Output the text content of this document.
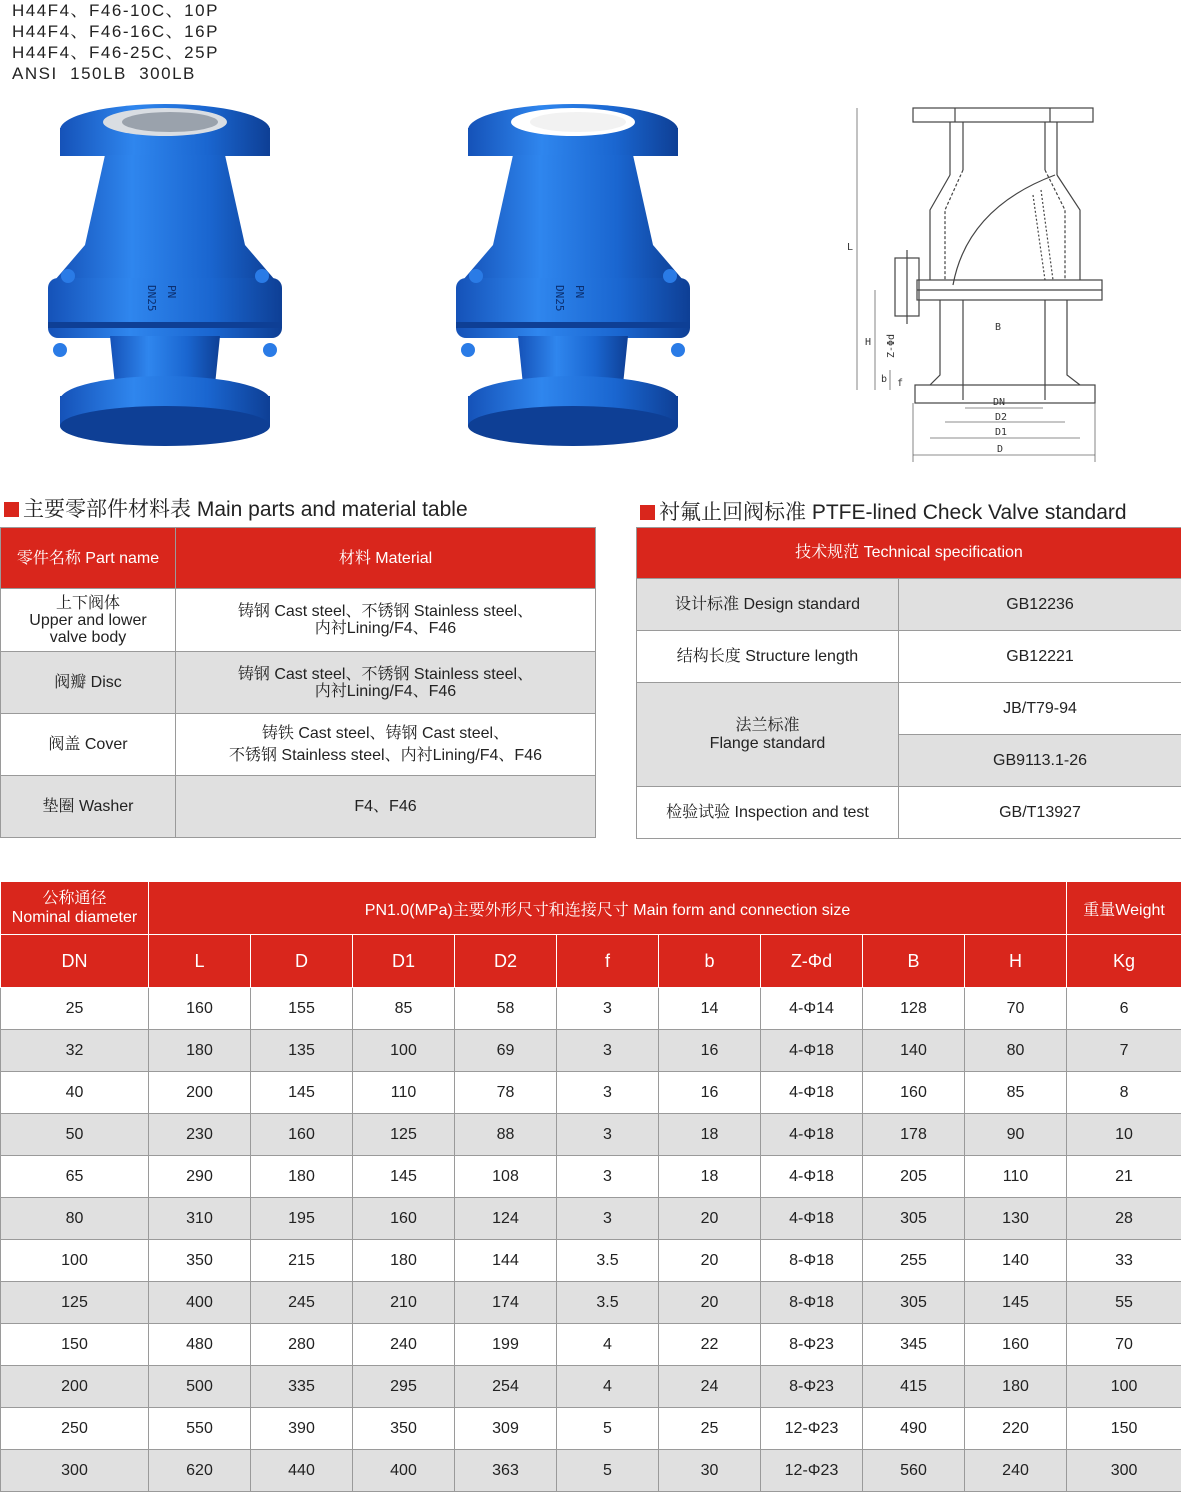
H44F4、F46-10C、10P
H44F4、F46-16C、16P
H44F4、F46-25C、25P
ANSI  150LB  300LB
DN25 PN	DN25 PN
L
H
b f
Z-Φd
B
DN
D2
D1
D
主要零部件材料表 Main parts and material table	衬氟止回阀标准 PTFE-lined Check Valve standard
零件名称 Part name	材料 Material
上下阀体
Upper and lower
valve body	铸钢 Cast steel、不锈钢 Stainless steel、
内衬Lining/F4、F46
阀瓣 Disc	铸钢 Cast steel、不锈钢 Stainless steel、
内衬Lining/F4、F46
阀盖 Cover	铸铁 Cast steel、铸钢 Cast steel、
不锈钢 Stainless steel、内衬Lining/F4、F46
垫圈 Washer	F4、F46
技术规范 Technical specification	
设计标准 Design standard	GB12236
结构长度 Structure length	GB12221
法兰标准
Flange standard	JB/T79-94
	GB9113.1-26
检验试验 Inspection and test	GB/T13927
公称通径
Nominal diameter	PN1.0(MPa)主要外形尺寸和连接尺寸 Main form and connection size									重量Weight
DN	L	D	D1	D2	f	b	Z-Φd	B	H	Kg
25	160	155	85	58	3	14	4-Φ14	128	70	6
32	180	135	100	69	3	16	4-Φ18	140	80	7
40	200	145	110	78	3	16	4-Φ18	160	85	8
50	230	160	125	88	3	18	4-Φ18	178	90	10
65	290	180	145	108	3	18	4-Φ18	205	110	21
80	310	195	160	124	3	20	4-Φ18	305	130	28
100	350	215	180	144	3.5	20	8-Φ18	255	140	33
125	400	245	210	174	3.5	20	8-Φ18	305	145	55
150	480	280	240	199	4	22	8-Φ23	345	160	70
200	500	335	295	254	4	24	8-Φ23	415	180	100
250	550	390	350	309	5	25	12-Φ23	490	220	150
300	620	440	400	363	5	30	12-Φ23	560	240	300
